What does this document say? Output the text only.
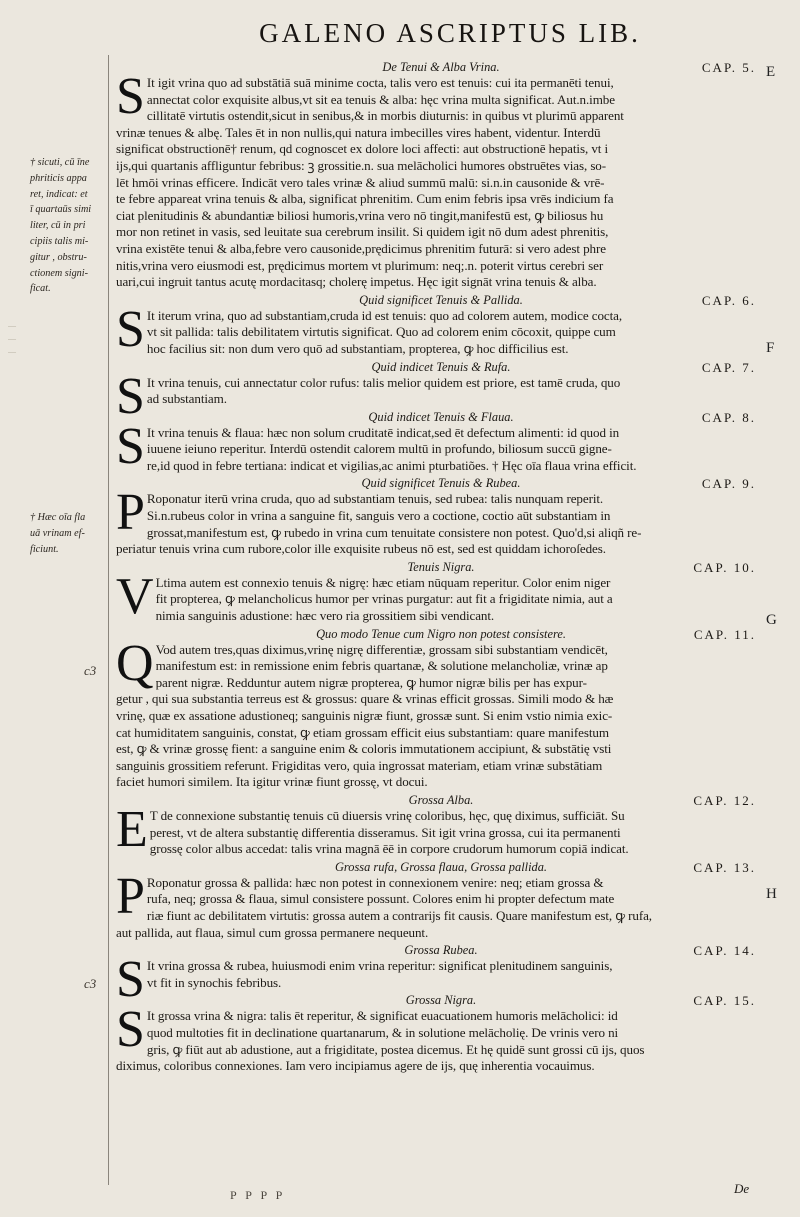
GALENO ASCRIPTUS LIB.
—
—
—
† sicuti, cū īne
phriticis appa
ret, indicat: et
ī quartaūs simi
liter, cū in pri
cipiis talis mi-
gitur , obstru-
ctionem signi-
ficat.
† Hæc oīa fla
uā vrinam ef-
ficiunt.
c3
c3
E
F
G
H
De Tenui & Alba Vrina.	CAP. 5.
S It igit vrina quo ad substātiā suā minime cocta, talis vero est tenuis: cui ita permanēti tenui,
annectat color exquisite albus,vt sit ea tenuis & alba: hęc vrina multa significat. Aut.n.imbe
cillitatē virtutis ostendit,sicut in senibus,& in morbis diuturnis: in quibus vt plurimū apparent
vrinæ tenues & albę. Tales ēt in non nullis,qui natura imbecilles vires habent, videntur. Interdū
significat obstructionē† renum, qd cognoscet ex dolore loci affecti: aut obstructionē hepatis, vt i
ijs,qui quartanis affliguntur febribus: ꝫ grossitie.n. sua melācholici humores obstruētes vias, so-
lēt hmōi vrinas efficere. Indicāt vero tales vrinæ & aliud summū malū: si.n.in causonide & vrē-
te febre appareat vrina tenuis & alba, significat phrenitim. Cum enim febris ipsa vrēs indicium fa
ciat plenitudinis & abundantiæ biliosi humoris,vrina vero nō tingit,manifestū est, ꝙ biliosus hu
mor non retinet in vasis, sed leuitate sua cerebrum insilit. Si quidem igit nō dum adest phrenitis,
vrina existēte tenui & alba,febre vero causonide,prędicimus phrenitim futurā: si vero adest phre
nitis,vrina vero eiusmodi est, prędicimus mortem vt plurimum: neq;.n. poterit virtus cerebri ser
uari,cui ingruit tantus acutę mordacitasq; cholerę impetus. Hęc igit signāt vrina tenuis & alba.
Quid significet Tenuis & Pallida.	CAP. 6.
S It iterum vrina, quo ad substantiam,cruda id est tenuis: quo ad colorem autem, modice cocta,
vt sit pallida: talis debilitatem virtutis significat. Quo ad colorem enim cōcoxit, quippe cum
hoc facilius sit: non dum vero quō ad substantiam, propterea, ꝙ hoc difficilius est.
Quid indicet Tenuis & Rufa.	CAP. 7.
S It vrina tenuis, cui annectatur color rufus: talis melior quidem est priore, est tamē cruda, quo
ad substantiam.
Quid indicet Tenuis & Flaua.	CAP. 8.
S It vrina tenuis & flaua: hæc non solum cruditatē indicat,sed ēt defectum alimenti: id quod in
iuuene ieiuno reperitur. Interdū ostendit calorem multū in profundo, biliosum succū gigne-
re,id quod in febre tertiana: indicat et vigilias,ac animi pturbatiões. † Hęc oīa flaua vrina efficit.
Quid significet Tenuis & Rubea.	CAP. 9.
P Roponatur iterū vrina cruda, quo ad substantiam tenuis, sed rubea: talis nunquam reperit.
Si.n.rubeus color in vrina a sanguine fit, sanguis vero a coctione, coctio aūt substantiam in
grossat,manifestum est, ꝙ rubedo in vrina cum tenuitate consistere non potest. Quo'd,si aliqñ re-
periatur tenuis vrina cum rubore,color ille exquisite rubeus nō est, sed est quiddam ichoroſedes.
Tenuis Nigra.	CAP. 10.
V Ltima autem est connexio tenuis & nigrę: hæc etiam nūquam reperitur. Color enim niger
fit propterea, ꝙ melancholicus humor per vrinas purgatur: aut fit a frigiditate nimia, aut a
nimia sanguinis adustione: hæc vero ria grossitiem sibi vendicant.
Quo modo Tenue cum Nigro non potest consistere.	CAP. 11.
Q Vod autem tres,quas diximus,vrinę nigrę differentiæ, grossam sibi substantiam vendicēt,
manifestum est: in remissione enim febris quartanæ, & solutione melancholiæ, vrinæ ap
parent nigræ. Redduntur autem nigræ propterea, ꝙ humor nigræ bilis per has expur-
getur , qui sua substantia terreus est & grossus: quare & vrinas efficit grossas. Simili modo & hæ
vrinę, quæ ex assatione adustioneq; sanguinis nigræ fiunt, grossæ sunt. Si enim vstio nimia exic-
cat humiditatem sanguinis, constat, ꝙ etiam grossam efficit eius substantiam: quare manifestum
est, ꝙ & vrinæ grossę fient: a sanguine enim & coloris immutationem accipiunt, & substātię vsti
sanguinis grossitiem referunt. Frigiditas vero, quia ingrossat materiam, etiam vrinæ substātiam
faciet humori similem. Ita igitur vrinæ fiunt grossę, vt docui.
Grossa Alba.	CAP. 12.
E T de connexione substantię tenuis cū diuersis vrinę coloribus, hęc, quę diximus, sufficiāt. Su
perest, vt de altera substantię differentia disseramus. Sit igit vrina grossa, cui ita permanenti
grossę color albus accedat: talis vrina magnā ēē in corpore crudorum humorum copiā indicat.
Grossa rufa, Grossa flaua, Grossa pallida.	CAP. 13.
P Roponatur grossa & pallida: hæc non potest in connexionem venire: neq; etiam grossa &
rufa, neq; grossa & flaua, simul consistere possunt. Colores enim hi propter defectum mate
riæ fiunt ac debilitatem virtutis: grossa autem a contrarijs fit causis. Quare manifestum est, ꝙ rufa,
aut pallida, aut flaua, simul cum grossa permanere nequeunt.
Grossa Rubea.	CAP. 14.
S It vrina grossa & rubea, huiusmodi enim vrina reperitur: significat plenitudinem sanguinis,
vt fit in synochis febribus.
Grossa Nigra.	CAP. 15.
S It grossa vrina & nigra: talis ēt reperitur, & significat euacuationem humoris melācholici: id
quod multoties fit in declinatione quartanarum, & in solutione melācholię. De vrinis vero ni
gris, ꝙ fiūt aut ab adustione, aut a frigiditate, postea dicemus. Et hę quidē sunt grossi cū ijs, quos
diximus, coloribus connexiones. Iam vero incipiamus agere de ijs, quę inherentia vocauimus.
P P P P	De
